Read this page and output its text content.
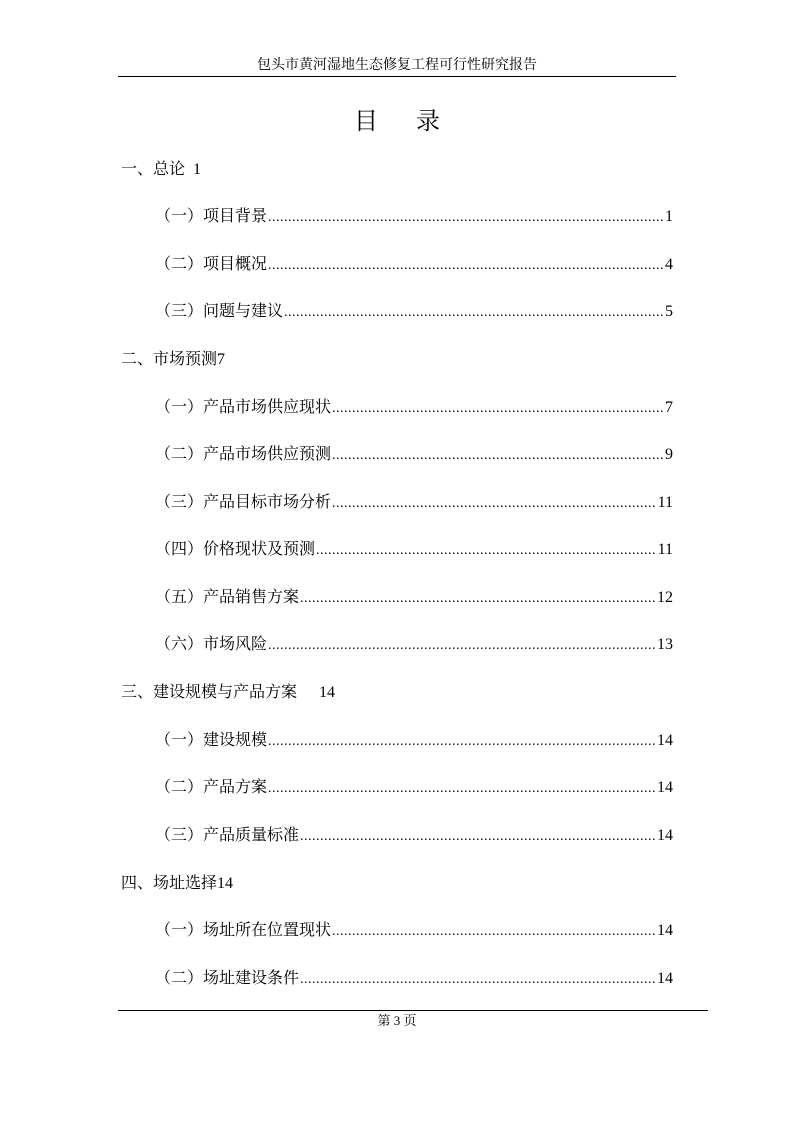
包头市黄河湿地生态修复工程可行性研究报告
目录
一、总论 1
（一）项目背景 .....	1
（二）项目概况 .....	4
（三）问题与建议 .....	5
二、市场预测 7
（一）产品市场供应现状 .....	7
（二）产品市场供应预测 .....	9
（三）产品目标市场分析 .....	11
（四）价格现状及预测 .....	11
（五）产品销售方案 .....	12
（六）市场风险 .....	13
三、建设规模与产品方案 14
（一）建设规模 .....	14
（二）产品方案 .....	14
（三）产品质量标准 .....	14
四、场址选择 14
（一）场址所在位置现状 .....	14
（二）场址建设条件 .....	14
第 3 页
